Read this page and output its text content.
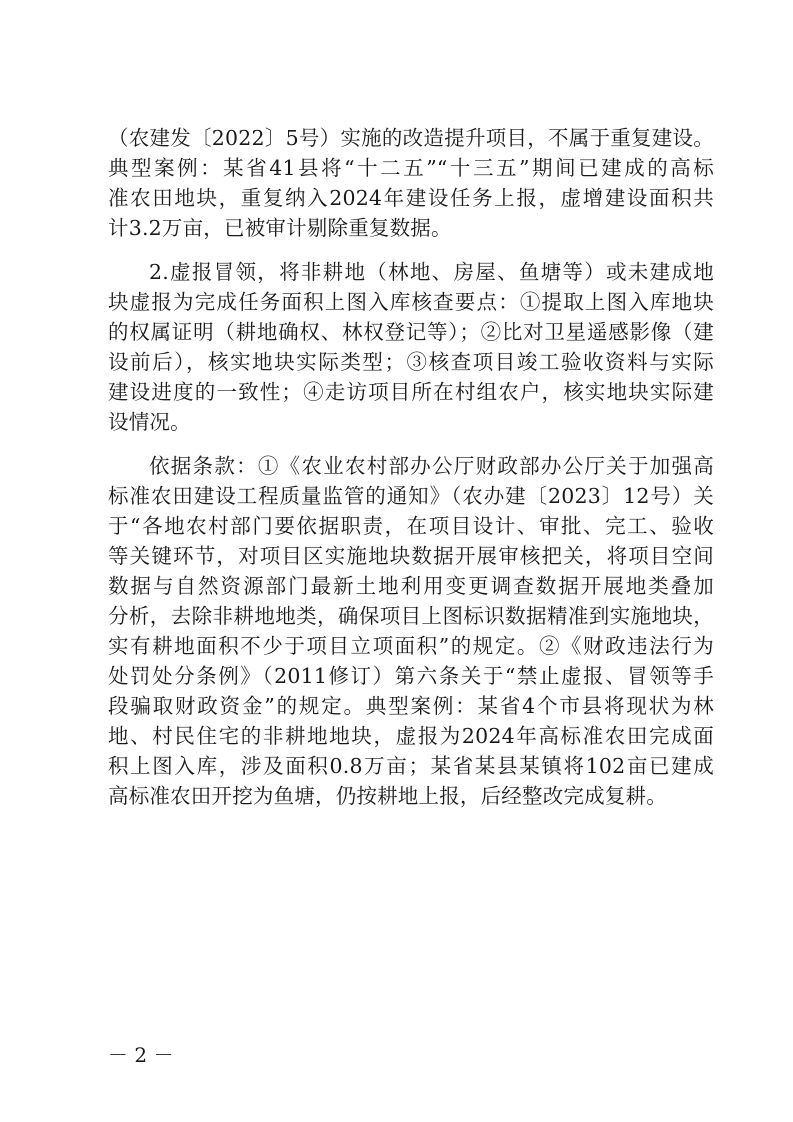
（农建发〔2022〕5号）实施的改造提升项目，不属于重复建设。
典型案例：某省41县将“十二五”“十三五”期间已建成的高标
准农田地块，重复纳入2024年建设任务上报，虚增建设面积共
计3.2万亩，已被审计剔除重复数据。
2.虚报冒领，将非耕地（林地、房屋、鱼塘等）或未建成地
块虚报为完成任务面积上图入库核查要点：①提取上图入库地块
的权属证明（耕地确权、林权登记等）；②比对卫星遥感影像（建
设前后），核实地块实际类型；③核查项目竣工验收资料与实际
建设进度的一致性；④走访项目所在村组农户，核实地块实际建
设情况。
依据条款：①《农业农村部办公厅财政部办公厅关于加强高
标准农田建设工程质量监管的通知》（农办建〔2023〕12号）关
于“各地农村部门要依据职责，在项目设计、审批、完工、验收
等关键环节，对项目区实施地块数据开展审核把关，将项目空间
数据与自然资源部门最新土地利用变更调查数据开展地类叠加
分析，去除非耕地地类，确保项目上图标识数据精准到实施地块，
实有耕地面积不少于项目立项面积”的规定。②《财政违法行为
处罚处分条例》（2011修订）第六条关于“禁止虚报、冒领等手
段骗取财政资金”的规定。典型案例：某省4个市县将现状为林
地、村民住宅的非耕地地块，虚报为2024年高标准农田完成面
积上图入库，涉及面积0.8万亩；某省某县某镇将102亩已建成
高标准农田开挖为鱼塘，仍按耕地上报，后经整改完成复耕。
－ 2 －
